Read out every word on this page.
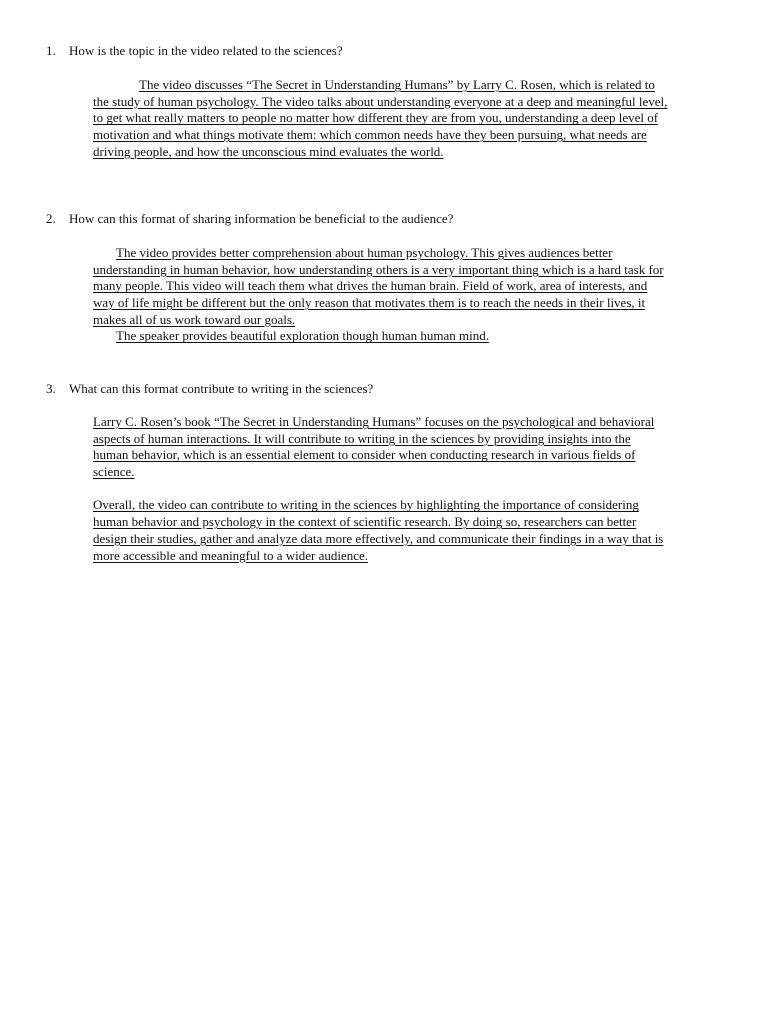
1. How is the topic in the video related to the sciences?
The video discusses “The Secret in Understanding Humans” by Larry C. Rosen, which is related to
the study of human psychology. The video talks about understanding everyone at a deep and meaningful level,
to get what really matters to people no matter how different they are from you, understanding a deep level of
motivation and what things motivate them: which common needs have they been pursuing, what needs are
driving people, and how the unconscious mind evaluates the world.
2. How can this format of sharing information be beneficial to the audience?
The video provides better comprehension about human psychology. This gives audiences better
understanding in human behavior, how understanding others is a very important thing which is a hard task for
many people. This video will teach them what drives the human brain. Field of work, area of interests, and
way of life might be different but the only reason that motivates them is to reach the needs in their lives, it
makes all of us work toward our goals.
The speaker provides beautiful exploration though human human mind.
3. What can this format contribute to writing in the sciences?
Larry C. Rosen’s book “The Secret in Understanding Humans” focuses on the psychological and behavioral
aspects of human interactions. It will contribute to writing in the sciences by providing insights into the
human behavior, which is an essential element to consider when conducting research in various fields of
science.
Overall, the video can contribute to writing in the sciences by highlighting the importance of considering
human behavior and psychology in the context of scientific research. By doing so, researchers can better
design their studies, gather and analyze data more effectively, and communicate their findings in a way that is
more accessible and meaningful to a wider audience.
